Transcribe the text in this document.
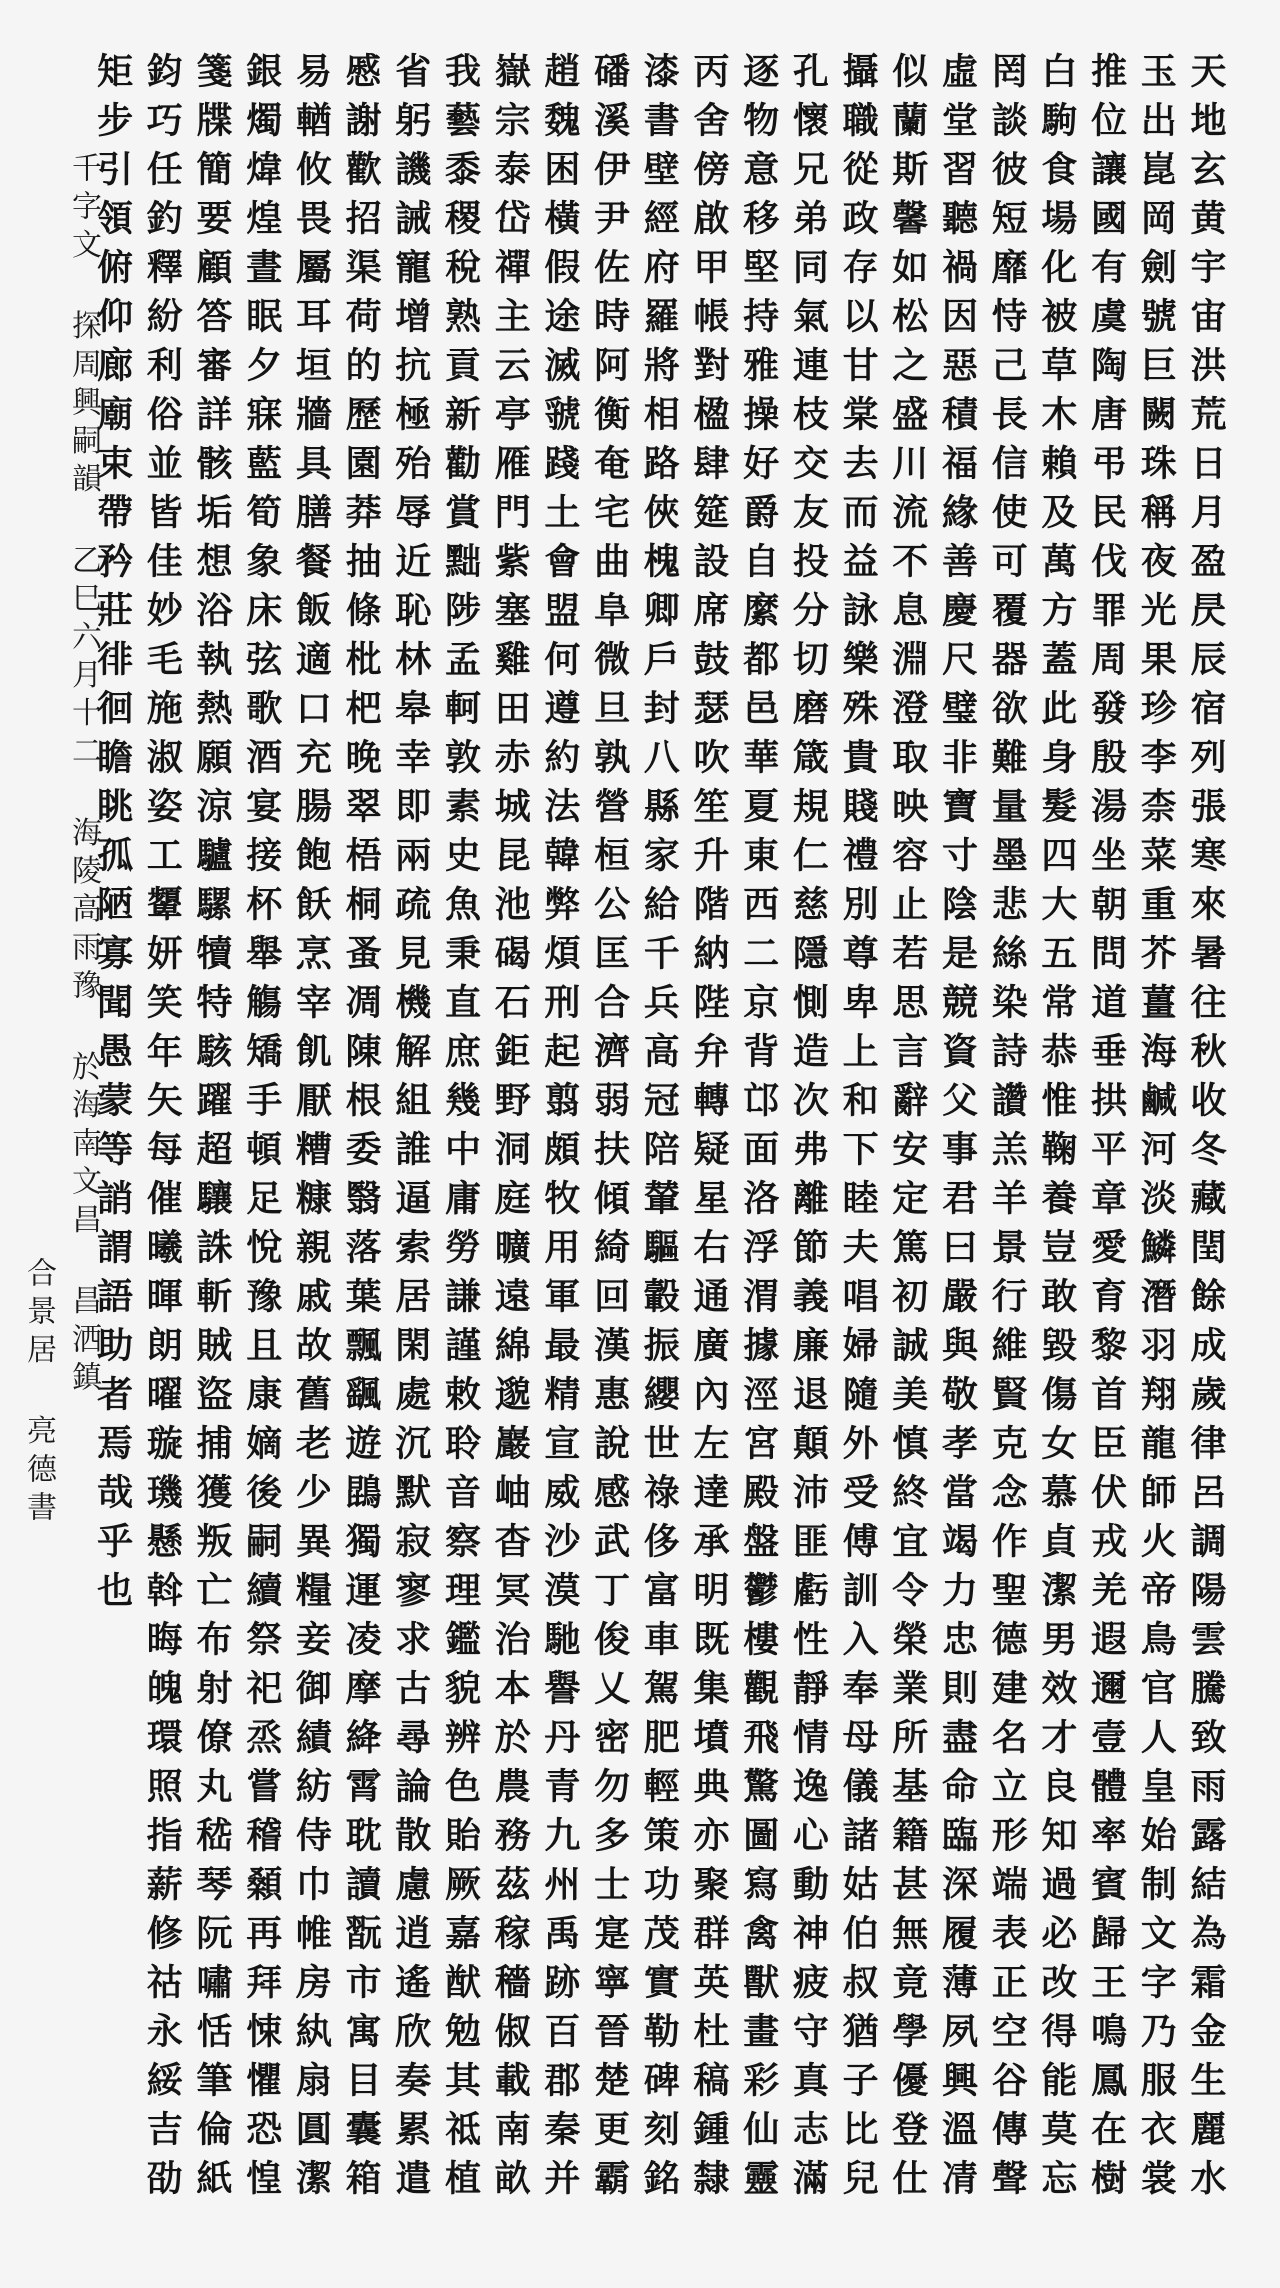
天地玄黄宇宙洪荒日月盈昃辰宿列張寒來暑往秋收冬藏閏餘成歲律呂調陽雲騰致雨露結為霜金生麗水
玉出崑岡劍號巨闕珠稱夜光果珍李柰菜重芥薑海鹹河淡鱗潛羽翔龍師火帝鳥官人皇始制文字乃服衣裳
推位讓國有虞陶唐弔民伐罪周發殷湯坐朝問道垂拱平章愛育黎首臣伏戎羌遐邇壹體率賓歸王鳴鳳在樹
白駒食場化被草木賴及萬方蓋此身髮四大五常恭惟鞠養豈敢毀傷女慕貞潔男效才良知過必改得能莫忘
罔談彼短靡恃己長信使可覆器欲難量墨悲絲染詩讚羔羊景行維賢克念作聖德建名立形端表正空谷傳聲
虛堂習聽禍因惡積福緣善慶尺璧非寶寸陰是競資父事君曰嚴與敬孝當竭力忠則盡命臨深履薄夙興溫凊
似蘭斯馨如松之盛川流不息淵澄取映容止若思言辭安定篤初誠美慎終宜令榮業所基籍甚無竟學優登仕
攝職從政存以甘棠去而益詠樂殊貴賤禮別尊卑上和下睦夫唱婦隨外受傅訓入奉母儀諸姑伯叔猶子比兒
孔懷兄弟同氣連枝交友投分切磨箴規仁慈隱惻造次弗離節義廉退顛沛匪虧性靜情逸心動神疲守真志滿
逐物意移堅持雅操好爵自縻都邑華夏東西二京背邙面洛浮渭據涇宮殿盤鬱樓觀飛驚圖寫禽獸畫彩仙靈
丙舍傍啟甲帳對楹肆筵設席鼓瑟吹笙升階納陛弁轉疑星右通廣內左達承明既集墳典亦聚群英杜稿鍾隸
漆書壁經府羅將相路俠槐卿戶封八縣家給千兵高冠陪輦驅轂振纓世祿侈富車駕肥輕策功茂實勒碑刻銘
磻溪伊尹佐時阿衡奄宅曲阜微旦孰營桓公匡合濟弱扶傾綺回漢惠說感武丁俊乂密勿多士寔寧晉楚更霸
趙魏困橫假途滅虢踐土會盟何遵約法韓弊煩刑起翦頗牧用軍最精宣威沙漠馳譽丹青九州禹跡百郡秦并
嶽宗泰岱禪主云亭雁門紫塞雞田赤城昆池碣石鉅野洞庭曠遠綿邈巖岫杳冥治本於農務茲稼穡俶載南畝
我藝黍稷稅熟貢新勸賞黜陟孟軻敦素史魚秉直庶幾中庸勞謙謹敕聆音察理鑑貌辨色貽厥嘉猷勉其祗植
省躬譏誡寵增抗極殆辱近恥林皋幸即兩疏見機解組誰逼索居閑處沉默寂寥求古尋論散慮逍遙欣奏累遣
慼謝歡招渠荷的歷園莽抽條枇杷晚翠梧桐蚤凋陳根委翳落葉飄颻遊鵾獨運凌摩絳霄耽讀翫市寓目囊箱
易輶攸畏屬耳垣牆具膳餐飯適口充腸飽飫烹宰飢厭糟糠親戚故舊老少異糧妾御績紡侍巾帷房紈扇圓潔
銀燭煒煌晝眠夕寐藍筍象床弦歌酒宴接杯舉觴矯手頓足悅豫且康嫡後嗣續祭祀烝嘗稽顙再拜悚懼恐惶
箋牒簡要顧答審詳骸垢想浴執熱願涼驢騾犢特駭躍超驤誅斬賊盜捕獲叛亡布射僚丸嵇琴阮嘯恬筆倫紙
鈞巧任釣釋紛利俗並皆佳妙毛施淑姿工顰妍笑年矢每催曦暉朗曜璇璣懸斡晦魄環照指薪修祜永綏吉劭
矩步引領俯仰廊廟束帶矜莊徘徊瞻眺孤陋寡聞愚蒙等誚謂語助者焉哉乎也
千字文 探周興嗣韻 乙巳六月十二 海陵高雨豫 於海南文昌 昌洒鎮
合景居 亮德書
